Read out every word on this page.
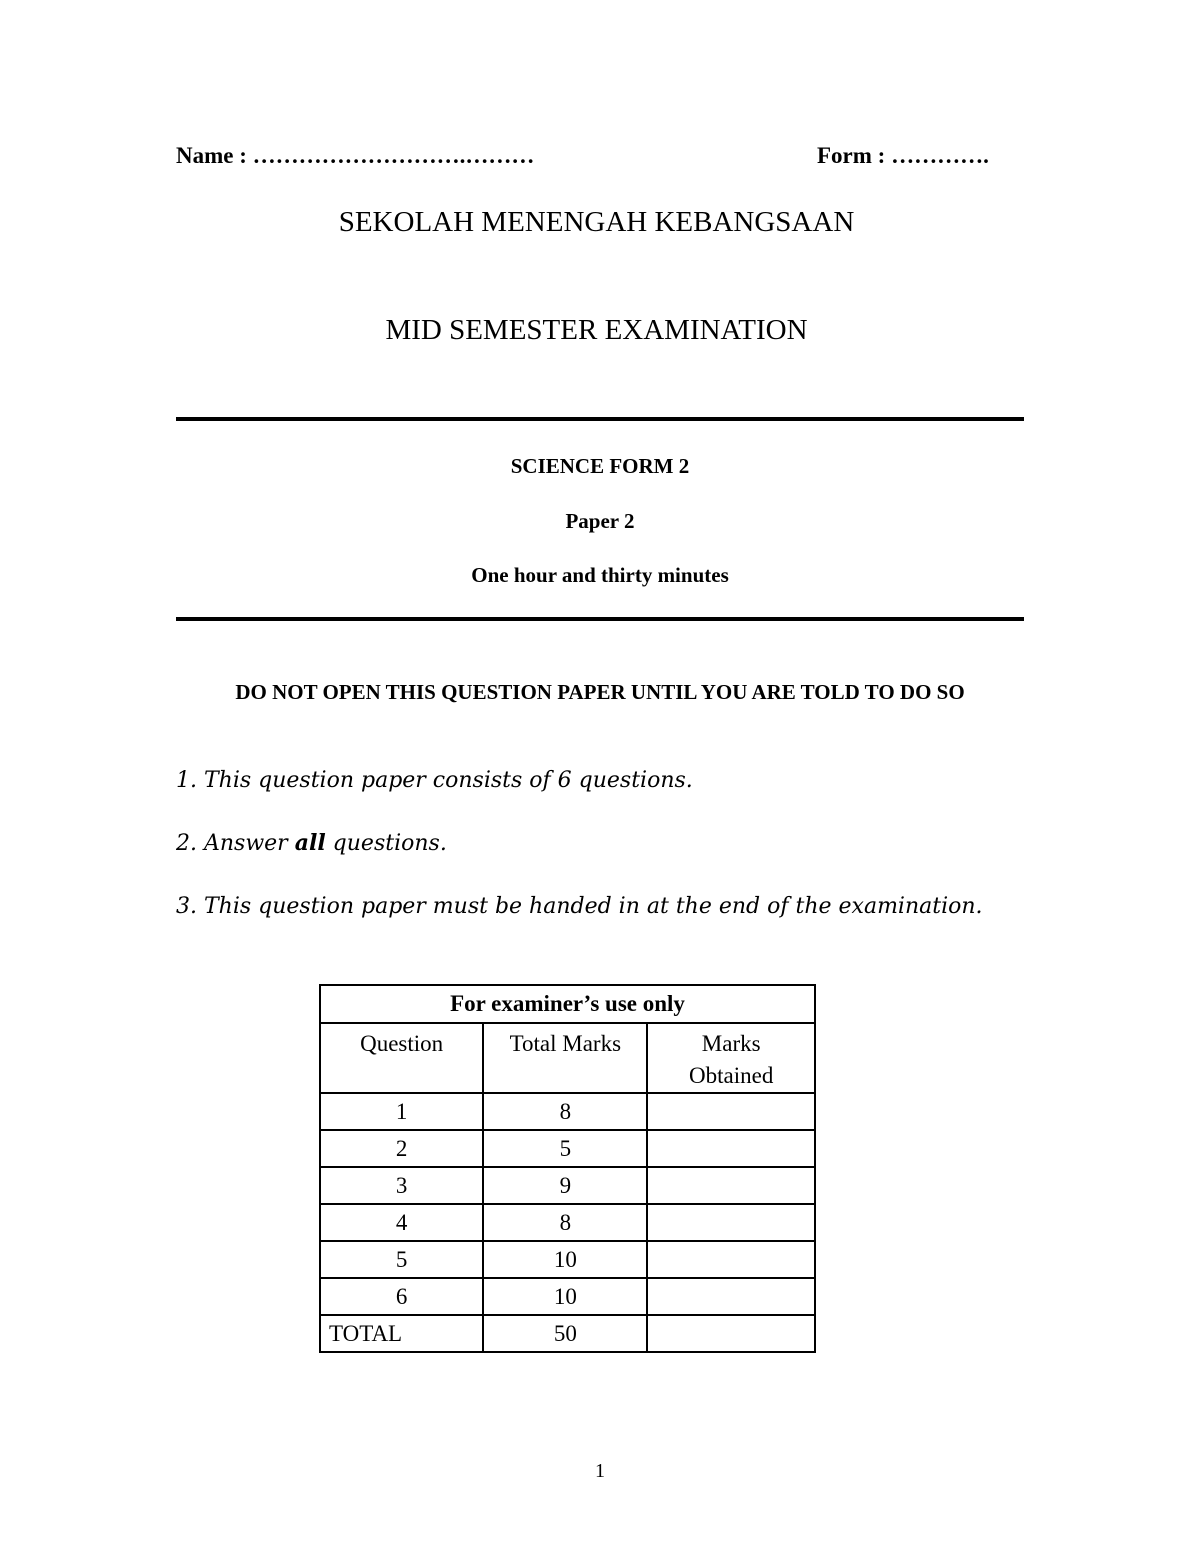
Name : ……………………….………	Form : ………….
SEKOLAH MENENGAH KEBANGSAAN
MID SEMESTER EXAMINATION
SCIENCE FORM 2
Paper 2
One hour and thirty minutes
DO NOT OPEN THIS QUESTION PAPER UNTIL YOU ARE TOLD TO DO SO
1. This question paper consists of 6 questions.
2. Answer all questions.
3. This question paper must be handed in at the end of the examination.
For examiner’s use only		
Question	Total Marks	Marks Obtained
1	8	
2	5	
3	9	
4	8	
5	10	
6	10	
TOTAL	50	
1
